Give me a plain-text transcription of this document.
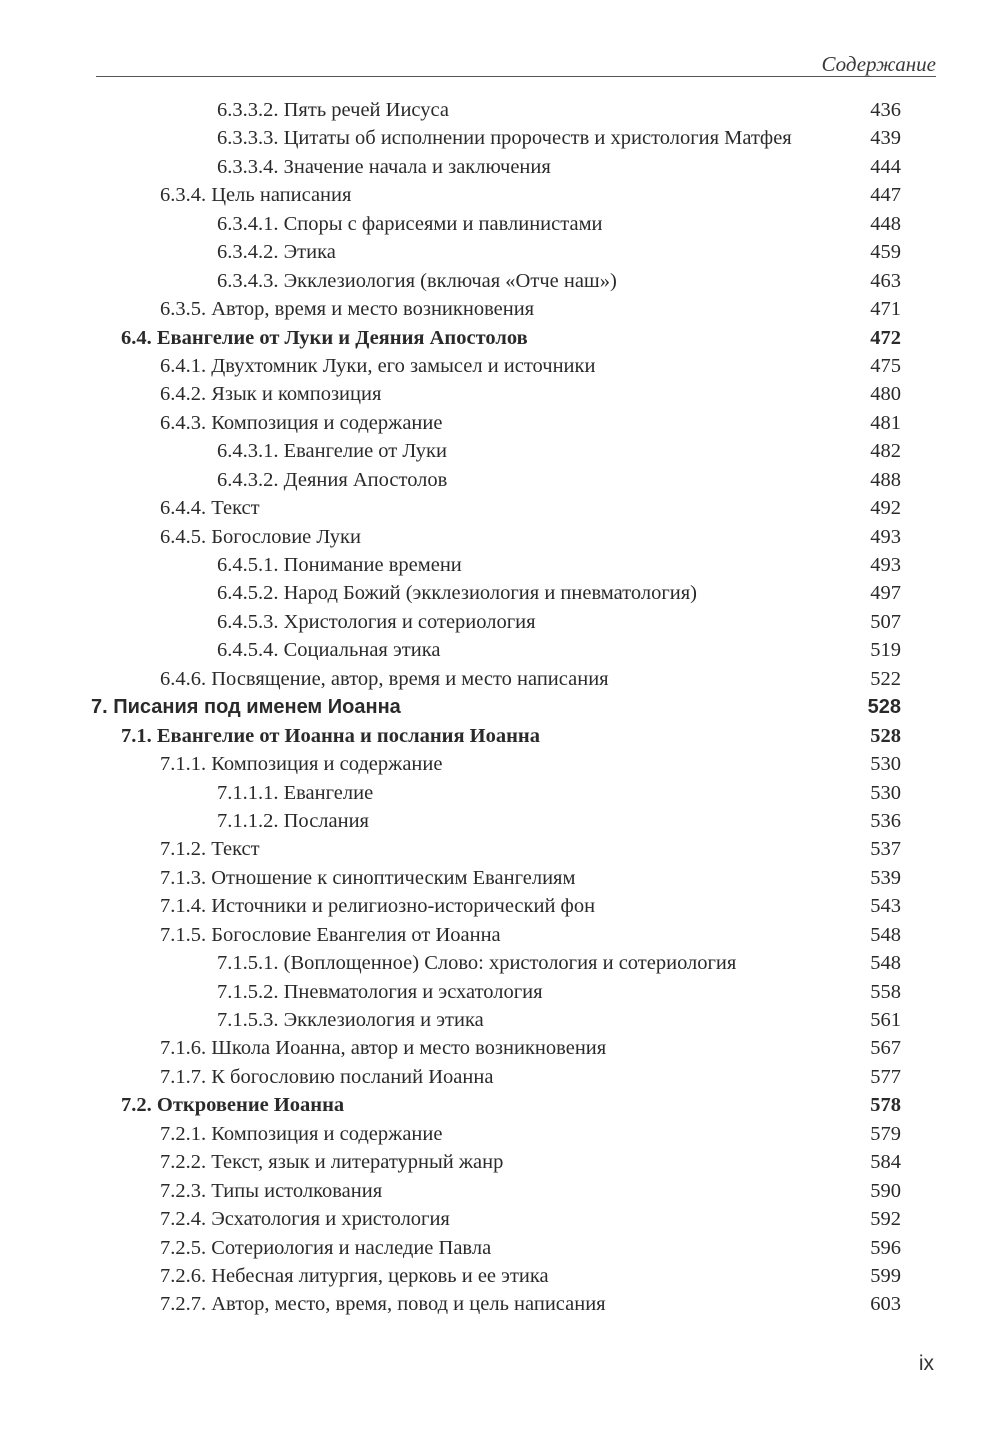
Содержание
6.3.3.2. Пять речей Иисуса	436
6.3.3.3. Цитаты об исполнении пророчеств и христология Матфея	439
6.3.3.4. Значение начала и заключения	444
6.3.4. Цель написания	447
6.3.4.1. Споры с фарисеями и павлинистами	448
6.3.4.2. Этика	459
6.3.4.3. Экклезиология (включая «Отче наш»)	463
6.3.5. Автор, время и место возникновения	471
6.4. Евангелие от Луки и Деяния Апостолов	472
6.4.1. Двухтомник Луки, его замысел и источники	475
6.4.2. Язык и композиция	480
6.4.3. Композиция и содержание	481
6.4.3.1. Евангелие от Луки	482
6.4.3.2. Деяния Апостолов	488
6.4.4. Текст	492
6.4.5. Богословие Луки	493
6.4.5.1. Понимание времени	493
6.4.5.2. Народ Божий (экклезиология и пневматология)	497
6.4.5.3. Христология и сотериология	507
6.4.5.4. Социальная этика	519
6.4.6. Посвящение, автор, время и место написания	522
7. Писания под именем Иоанна	528
7.1. Евангелие от Иоанна и послания Иоанна	528
7.1.1. Композиция и содержание	530
7.1.1.1. Евангелие	530
7.1.1.2. Послания	536
7.1.2. Текст	537
7.1.3. Отношение к синоптическим Евангелиям	539
7.1.4. Источники и религиозно-исторический фон	543
7.1.5. Богословие Евангелия от Иоанна	548
7.1.5.1. (Воплощенное) Слово: христология и сотериология	548
7.1.5.2. Пневматология и эсхатология	558
7.1.5.3. Экклезиология и этика	561
7.1.6. Школа Иоанна, автор и место возникновения	567
7.1.7. К богословию посланий Иоанна	577
7.2. Откровение Иоанна	578
7.2.1. Композиция и содержание	579
7.2.2. Текст, язык и литературный жанр	584
7.2.3. Типы истолкования	590
7.2.4. Эсхатология и христология	592
7.2.5. Сотериология и наследие Павла	596
7.2.6. Небесная литургия, церковь и ее этика	599
7.2.7. Автор, место, время, повод и цель написания	603
ix
